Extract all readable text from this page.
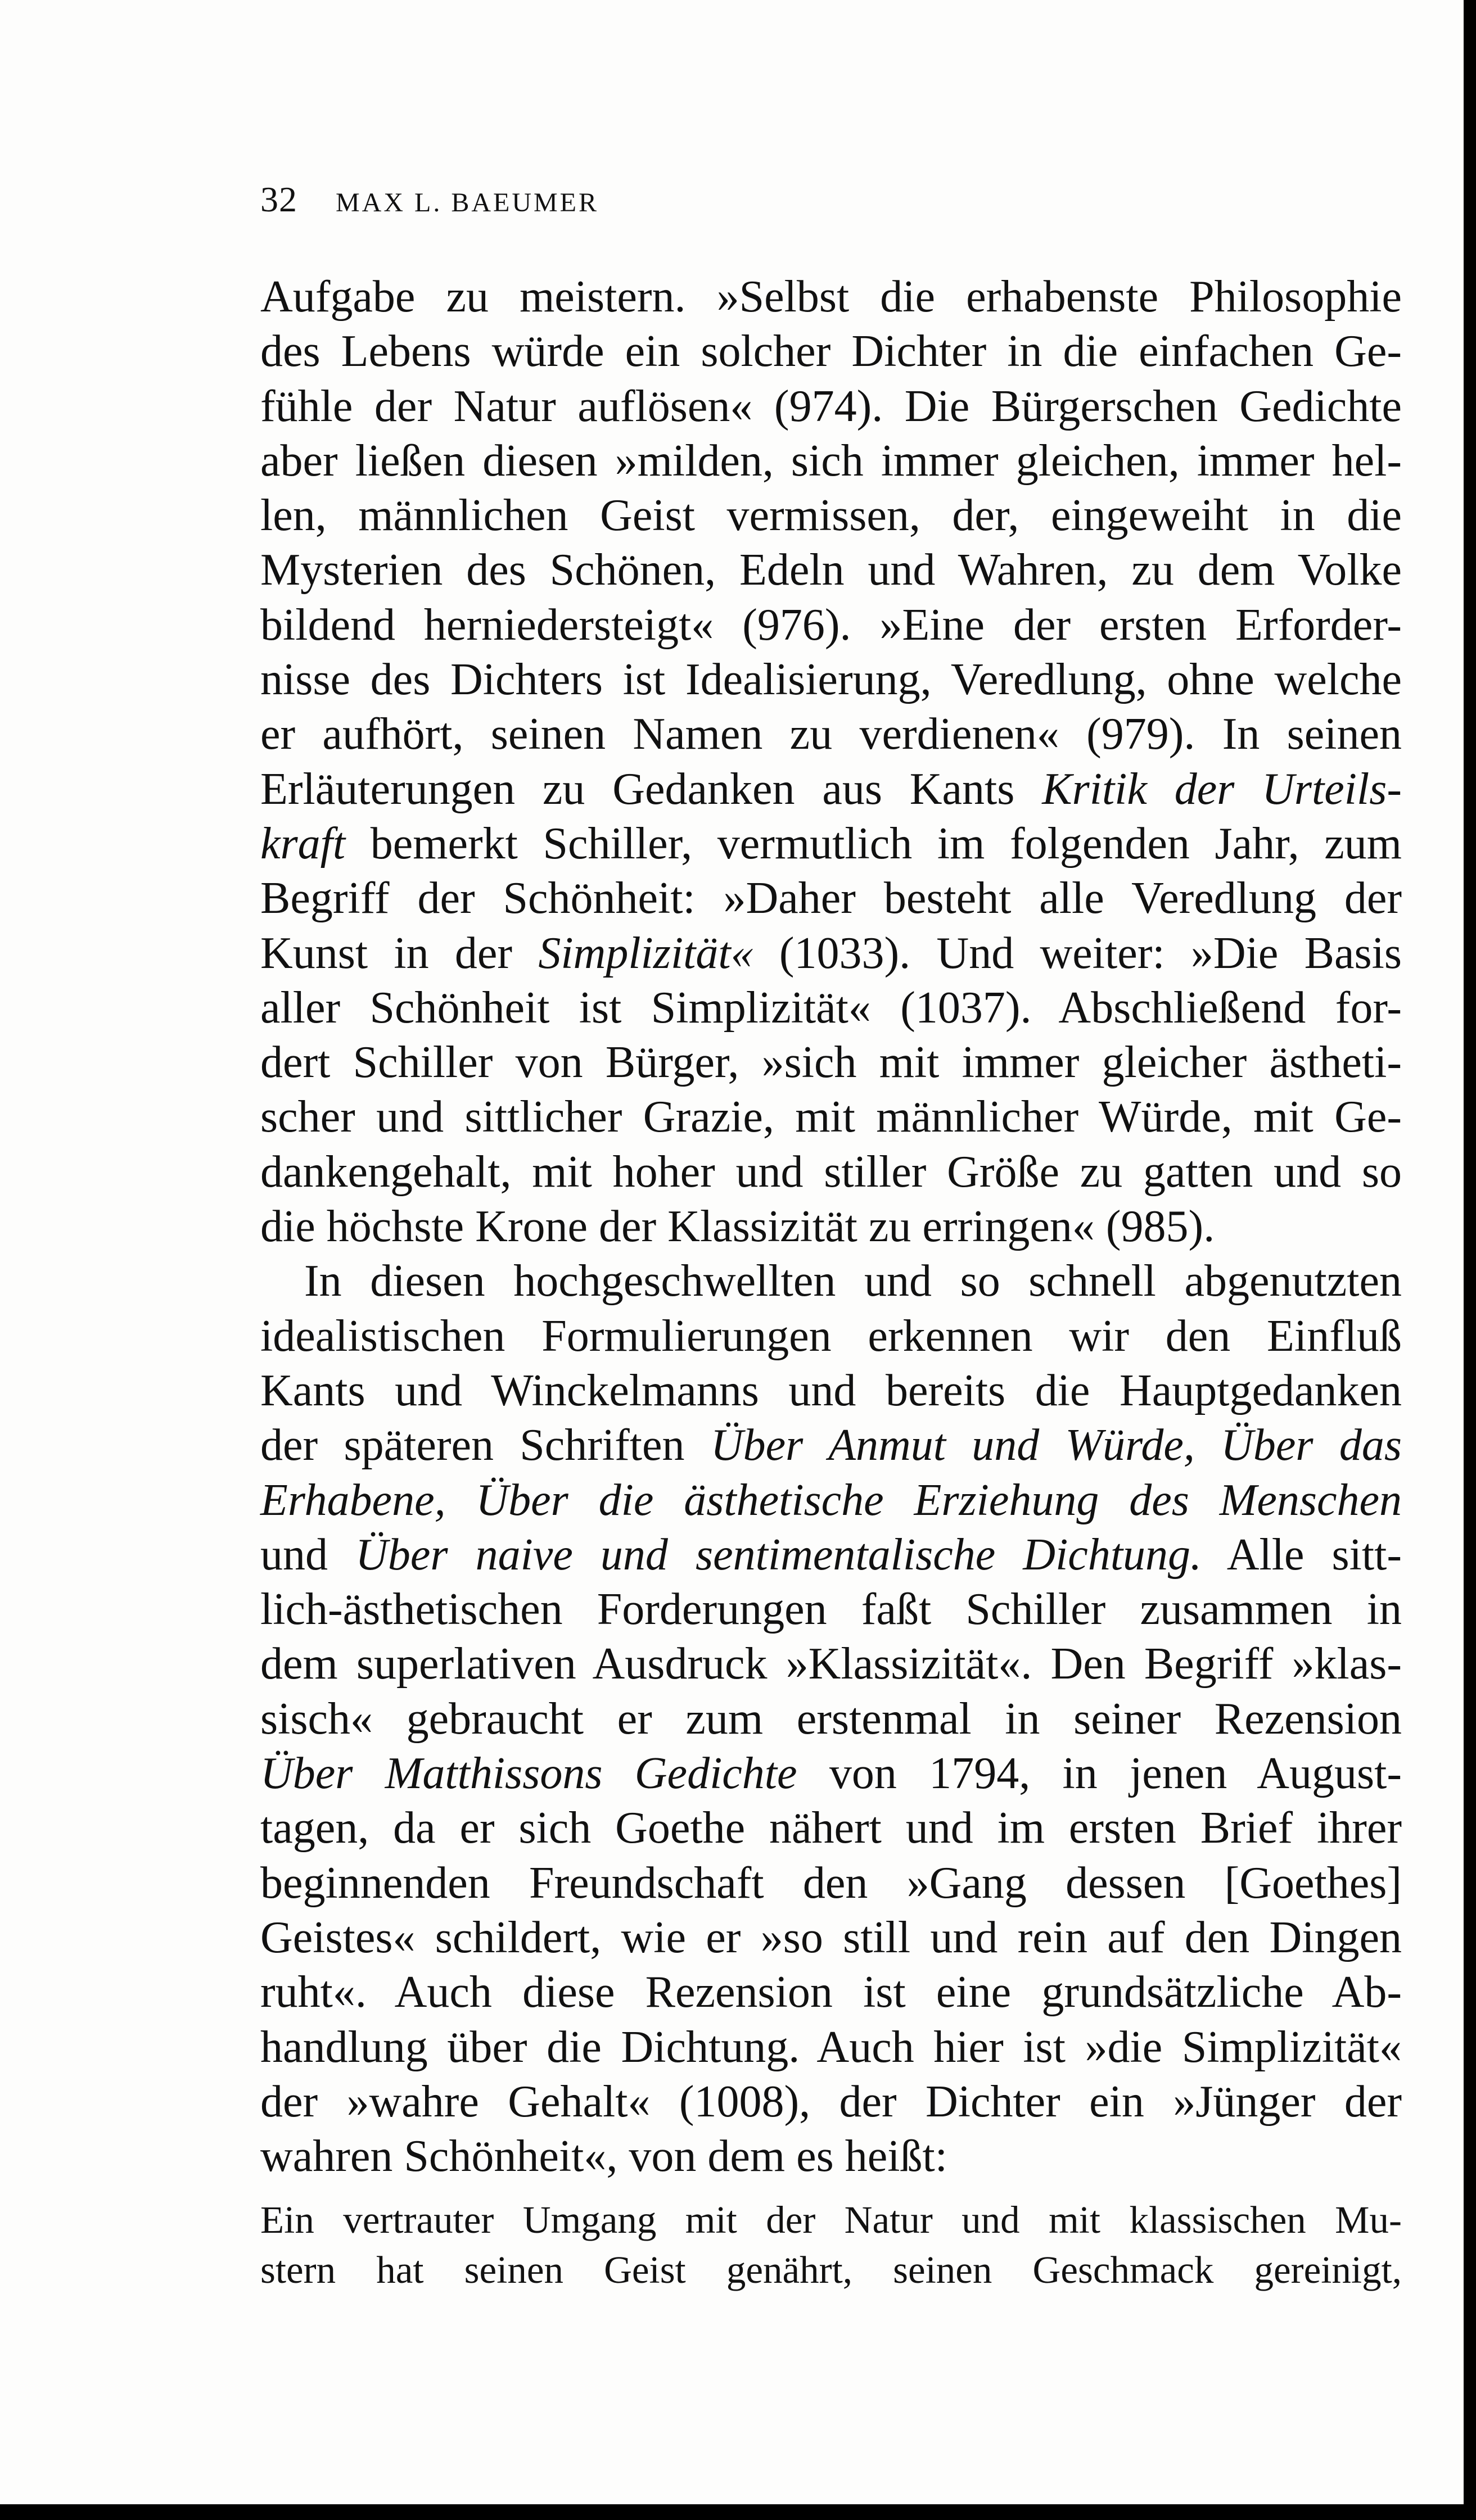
32 MAX L. BAEUMER
Aufgabe zu meistern. »Selbst die erhabenste Philosophie
des Lebens würde ein solcher Dichter in die einfachen Ge-
fühle der Natur auflösen« (974). Die Bürgerschen Gedichte
aber ließen diesen »milden, sich immer gleichen, immer hel-
len, männlichen Geist vermissen, der, eingeweiht in die
Mysterien des Schönen, Edeln und Wahren, zu dem Volke
bildend herniedersteigt« (976). »Eine der ersten Erforder-
nisse des Dichters ist Idealisierung, Veredlung, ohne welche
er aufhört, seinen Namen zu verdienen« (979). In seinen
Erläuterungen zu Gedanken aus Kants Kritik der Urteils-
kraft bemerkt Schiller, vermutlich im folgenden Jahr, zum
Begriff der Schönheit: »Daher besteht alle Veredlung der
Kunst in der Simplizität« (1033). Und weiter: »Die Basis
aller Schönheit ist Simplizität« (1037). Abschließend for-
dert Schiller von Bürger, »sich mit immer gleicher ästheti-
scher und sittlicher Grazie, mit männlicher Würde, mit Ge-
dankengehalt, mit hoher und stiller Größe zu gatten und so
die höchste Krone der Klassizität zu erringen« (985).
In diesen hochgeschwellten und so schnell abgenutzten
idealistischen Formulierungen erkennen wir den Einfluß
Kants und Winckelmanns und bereits die Hauptgedanken
der späteren Schriften Über Anmut und Würde, Über das
Erhabene, Über die ästhetische Erziehung des Menschen
und Über naive und sentimentalische Dichtung. Alle sitt-
lich-ästhetischen Forderungen faßt Schiller zusammen in
dem superlativen Ausdruck »Klassizität«. Den Begriff »klas-
sisch« gebraucht er zum erstenmal in seiner Rezension
Über Matthissons Gedichte von 1794, in jenen August-
tagen, da er sich Goethe nähert und im ersten Brief ihrer
beginnenden Freundschaft den »Gang dessen [Goethes]
Geistes« schildert, wie er »so still und rein auf den Dingen
ruht«. Auch diese Rezension ist eine grundsätzliche Ab-
handlung über die Dichtung. Auch hier ist »die Simplizität«
der »wahre Gehalt« (1008), der Dichter ein »Jünger der
wahren Schönheit«, von dem es heißt:
Ein vertrauter Umgang mit der Natur und mit klassischen Mu-
stern hat seinen Geist genährt, seinen Geschmack gereinigt,
